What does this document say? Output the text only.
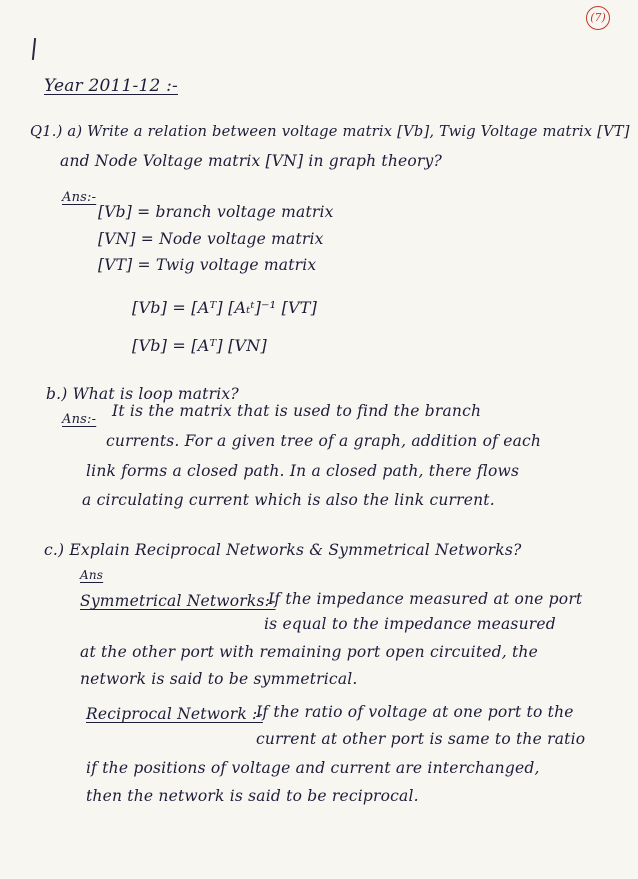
(7)
Year 2011-12 :-
Q1.) a) Write a relation between voltage matrix [Vb], Twig Voltage matrix [VT]
and Node Voltage matrix [VN] in graph theory?
Ans:-
[Vb] = branch voltage matrix
[VN] = Node voltage matrix
[VT] = Twig voltage matrix
[Vb] = [Aᵀ] [Aₜᵗ]⁻¹ [VT]
[Vb] = [Aᵀ] [VN]
b.) What is loop matrix?
Ans:- It is the matrix that is used to find the branch
currents. For a given tree of a graph, addition of each
link forms a closed path. In a closed path, there flows
a circulating current which is also the link current.
c.) Explain Reciprocal Networks & Symmetrical Networks?
Ans
Symmetrical Networks:-
If the impedance measured at one port
is equal to the impedance measured
at the other port with remaining port open circuited, the
network is said to be symmetrical.
Reciprocal Network :-
If the ratio of voltage at one port to the
current at other port is same to the ratio
if the positions of voltage and current are interchanged,
then the network is said to be reciprocal.
